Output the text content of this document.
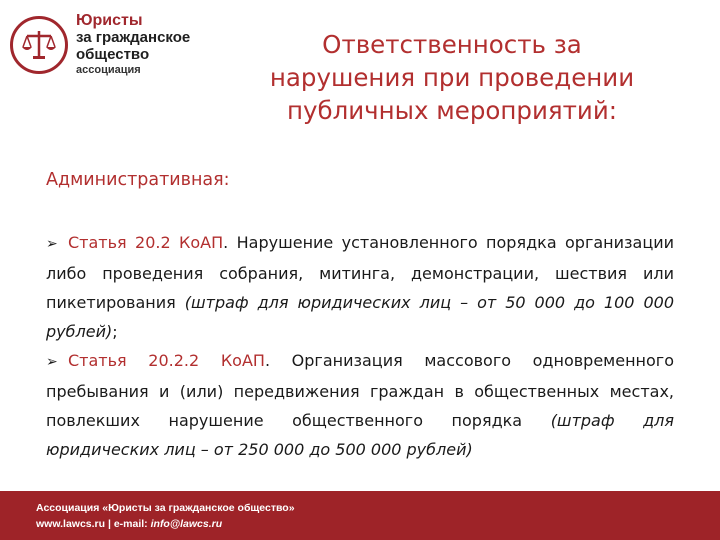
Юристы
за гражданское
общество
ассоциация
Ответственность за
нарушения при проведении
публичных мероприятий:
Административная:
➢ Статья 20.2 КоАП. Нарушение установленного порядка организации либо проведения собрания, митинга, демонстрации, шествия или пикетирования (штраф для юридических лиц – от 50 000 до 100 000 рублей);
➢ Статья 20.2.2 КоАП. Организация массового одновременного пребывания и (или) передвижения граждан в общественных местах, повлекших нарушение общественного порядка (штраф для юридических лиц – от 250 000 до 500 000 рублей)
Ассоциация «Юристы за гражданское общество»
www.lawcs.ru | e-mail: info@lawcs.ru
